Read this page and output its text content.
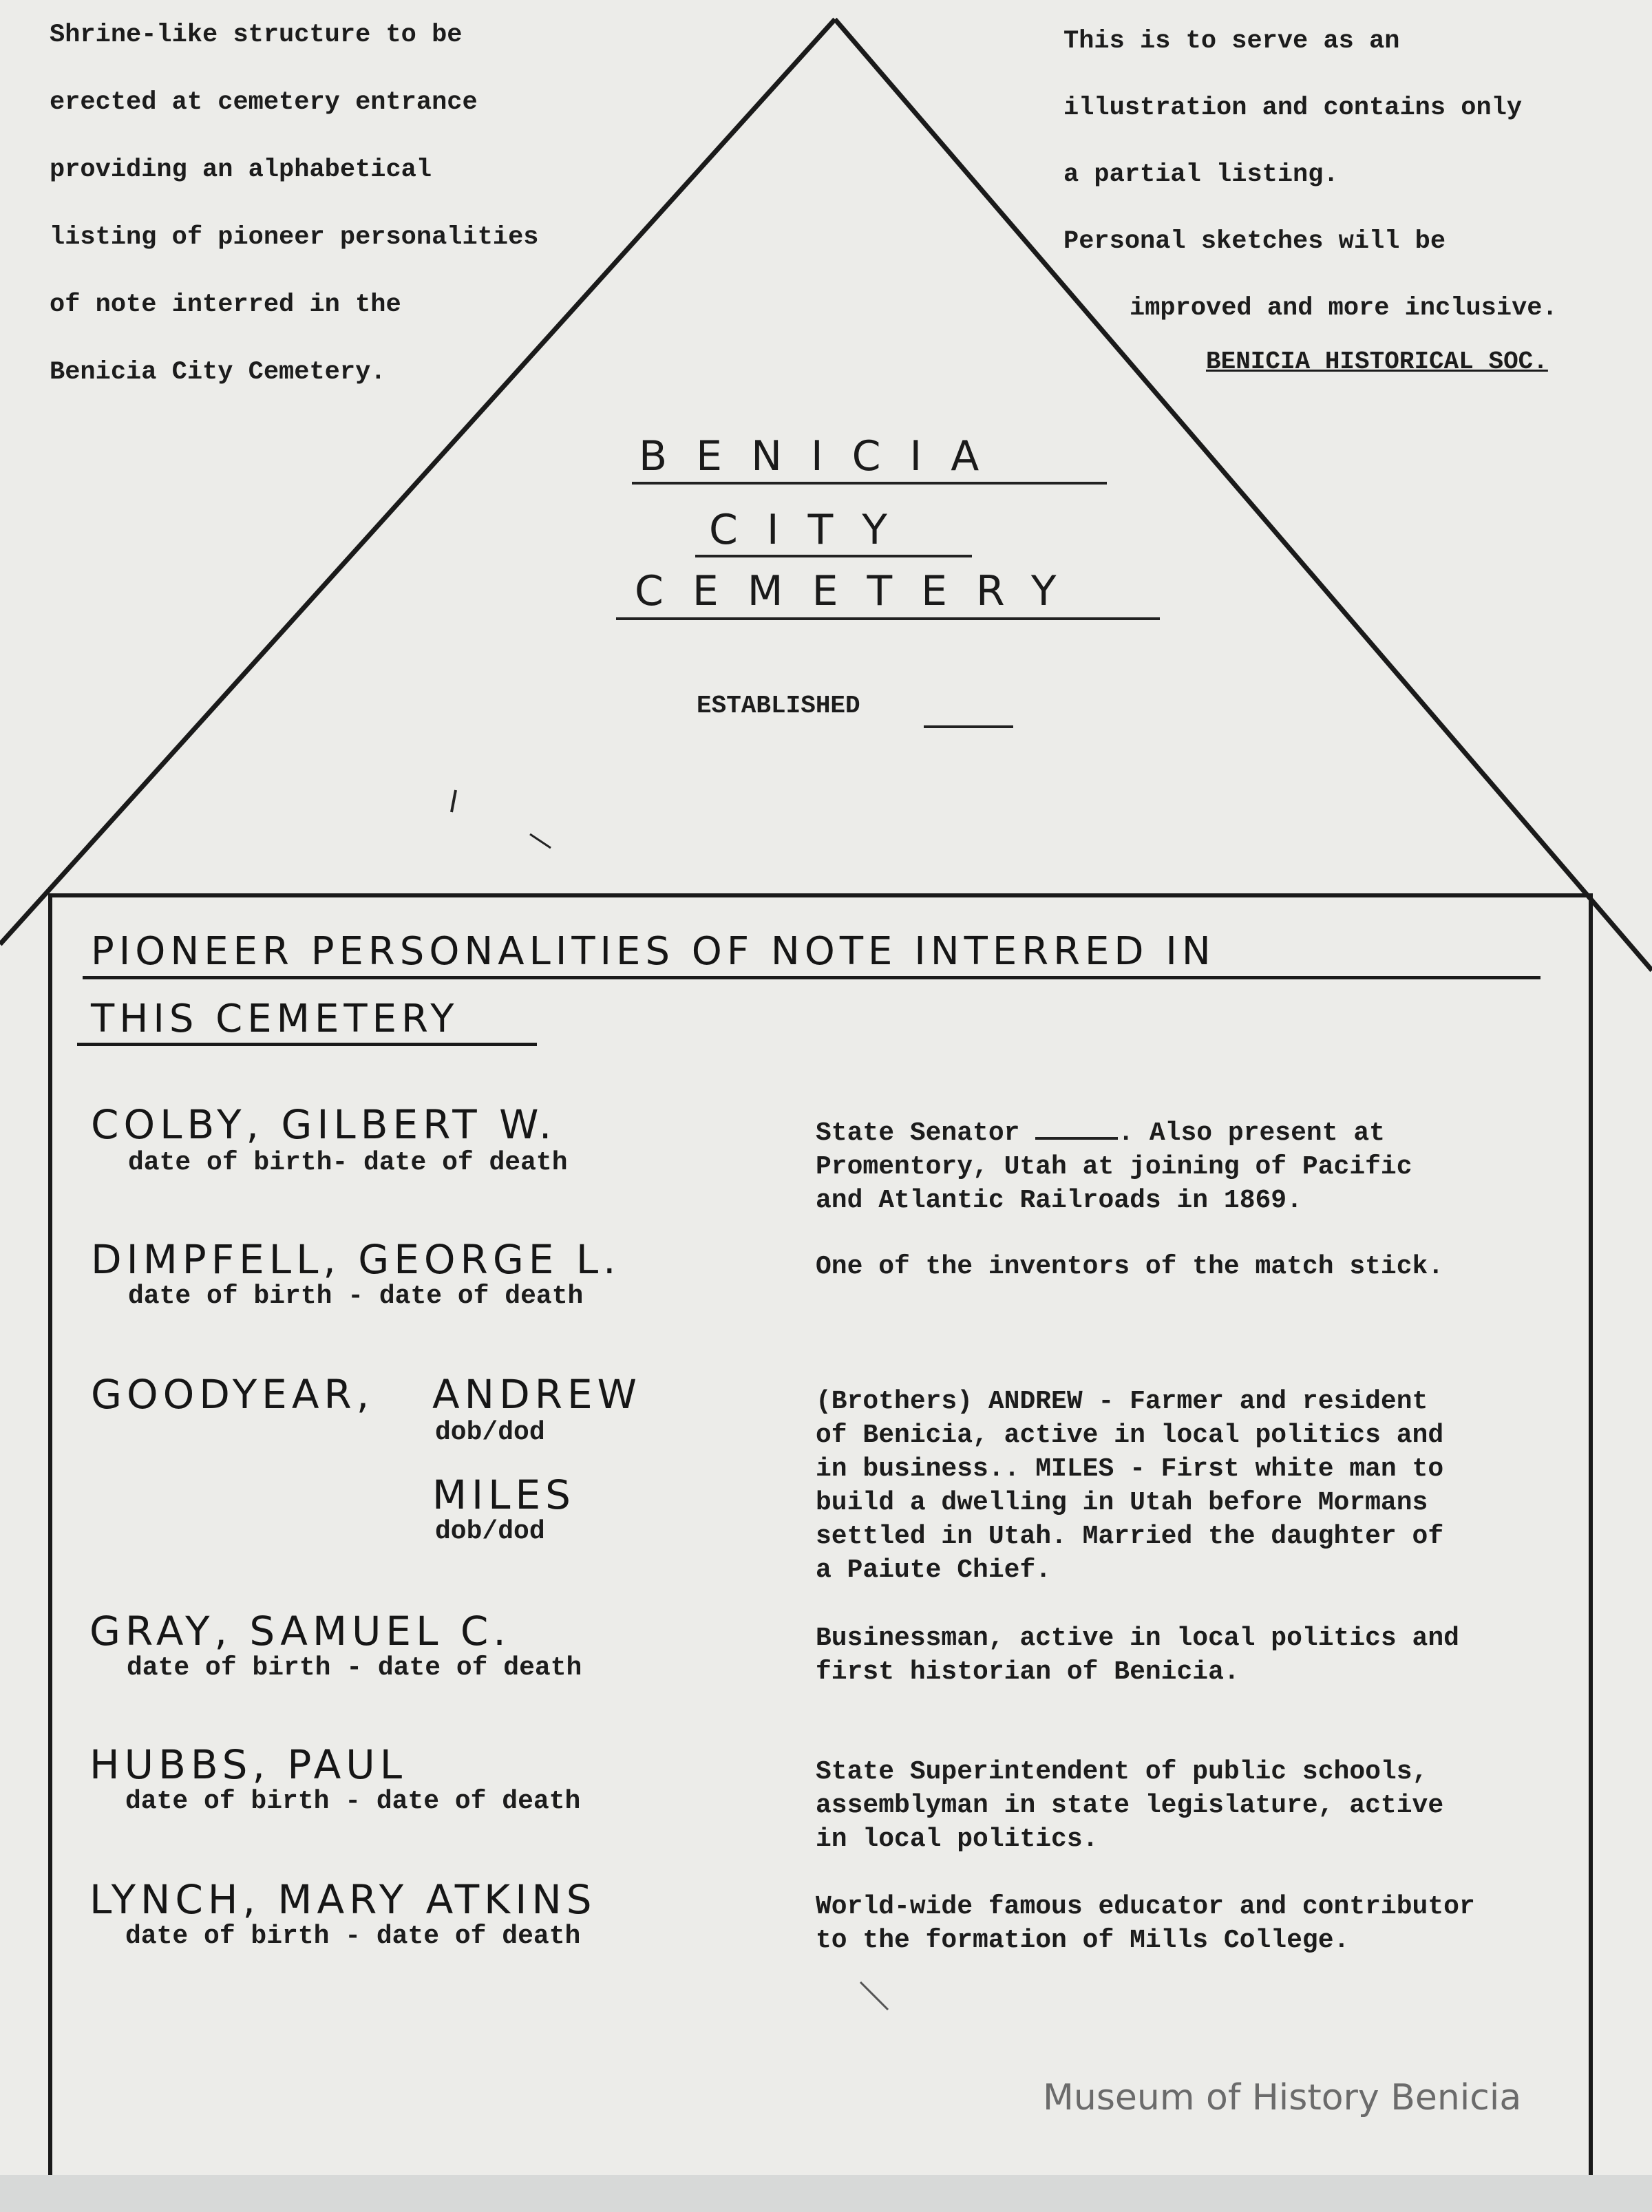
Shrine-like structure to be
erected at cemetery entrance
providing an alphabetical
listing of pioneer personalities
of note interred in the
Benicia City Cemetery.
This is to serve as an
illustration and contains only
a partial listing.
Personal sketches will be
improved and more inclusive.
BENICIA HISTORICAL SOC.
BENICIA
CITY
CEMETERY
ESTABLISHED
PIONEER PERSONALITIES OF NOTE INTERRED IN
THIS CEMETERY
COLBY, GILBERT W.
date of birth- date of death
State Senator	. Also present at
Promentory, Utah at joining of Pacific
and Atlantic Railroads in 1869.
DIMPFELL, GEORGE L.
date of birth - date of death
One of the inventors of the match stick.
GOODYEAR, ANDREW
dob/dod
MILES
dob/dod
(Brothers) ANDREW - Farmer and resident
of Benicia, active in local politics and
in business.. MILES - First white man to
build a dwelling in Utah before Mormans
settled in Utah. Married the daughter of
a Paiute Chief.
GRAY, SAMUEL C.
date of birth - date of death
Businessman, active in local politics and
first historian of Benicia.
HUBBS, PAUL
date of birth - date of death
State Superintendent of public schools,
assemblyman in state legislature, active
in local politics.
LYNCH, MARY ATKINS
date of birth - date of death
World-wide famous educator and contributor
to the formation of Mills College.
Museum of History Benicia
